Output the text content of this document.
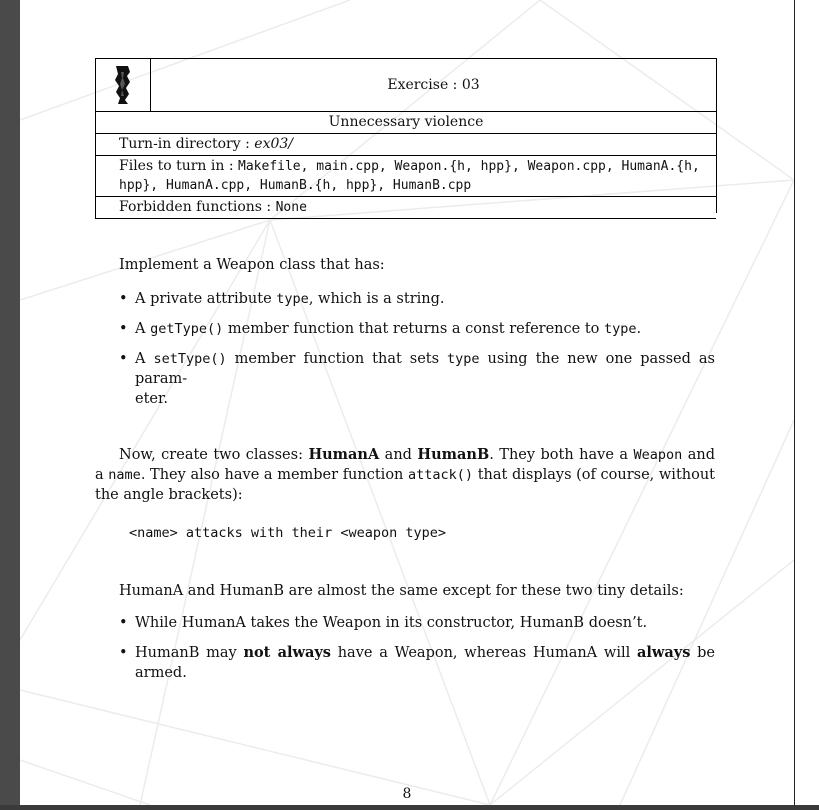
Exercise : 03
Unnecessary violence
Turn-in directory : ex03/
Files to turn in : Makefile, main.cpp, Weapon.{h, hpp}, Weapon.cpp, HumanA.{h,
hpp}, HumanA.cpp, HumanB.{h, hpp}, HumanB.cpp
Forbidden functions : None

Implement a Weapon class that has:

• A private attribute type, which is a string.
• A getType() member function that returns a const reference to type.
• A setType() member function that sets type using the new one passed as param-
eter.

Now, create two classes: HumanA and HumanB. They both have a Weapon and a name. They also have a member function attack() that displays (of course, without the angle brackets):

<name> attacks with their <weapon type>

HumanA and HumanB are almost the same except for these two tiny details:

• While HumanA takes the Weapon in its constructor, HumanB doesn’t.
• HumanB may not always have a Weapon, whereas HumanA will always be armed.
8
